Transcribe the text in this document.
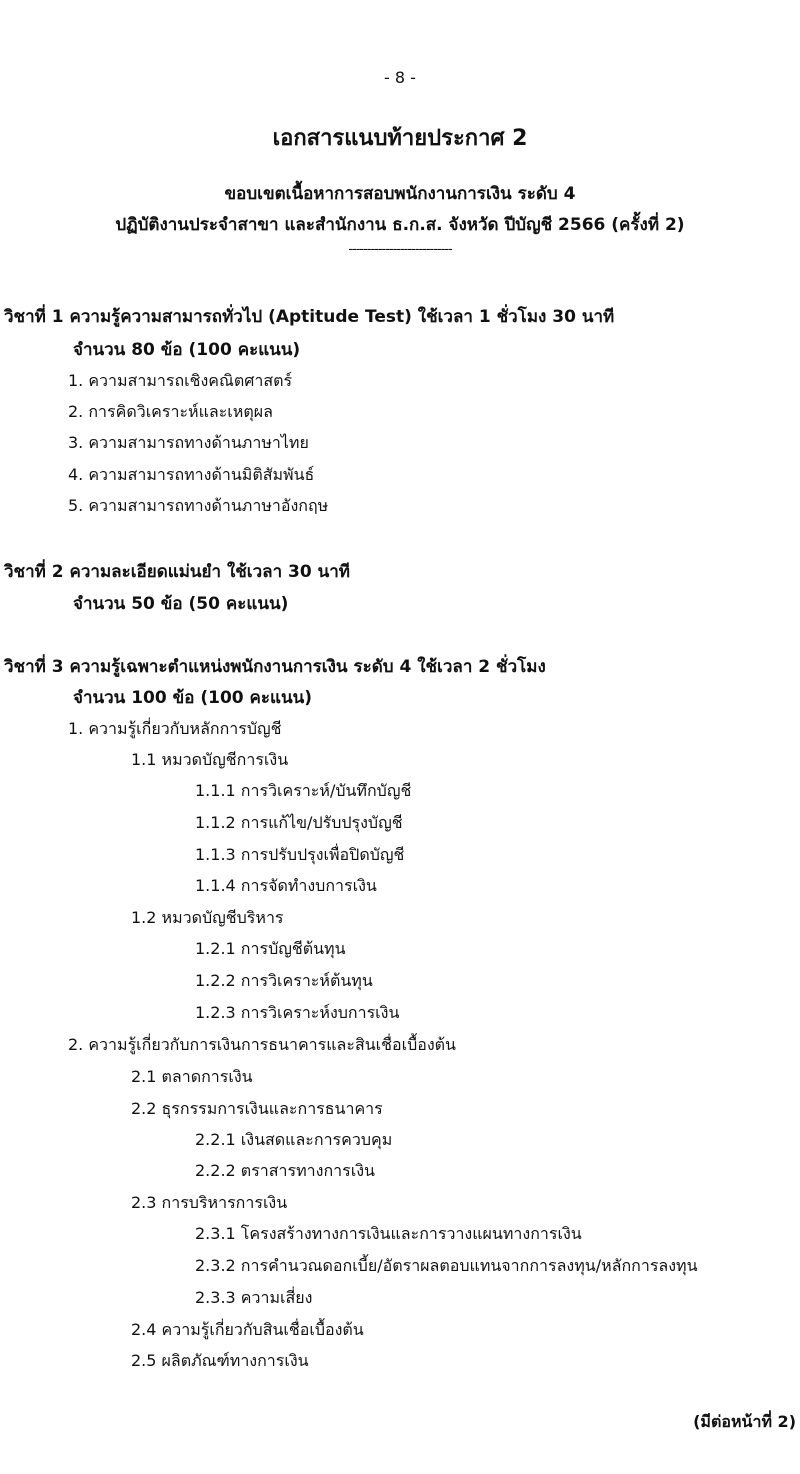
- 8 -
เอกสารแนบท้ายประกาศ 2
ขอบเขตเนื้อหาการสอบพนักงานการเงิน ระดับ 4
ปฏิบัติงานประจำสาขา และสำนักงาน ธ.ก.ส. จังหวัด ปีบัญชี 2566 (ครั้งที่ 2)
----------------------------
วิชาที่ 1 ความรู้ความสามารถทั่วไป (Aptitude Test) ใช้เวลา 1 ชั่วโมง 30 นาที
จำนวน 80 ข้อ (100 คะแนน)
1. ความสามารถเชิงคณิตศาสตร์
2. การคิดวิเคราะห์และเหตุผล
3. ความสามารถทางด้านภาษาไทย
4. ความสามารถทางด้านมิติสัมพันธ์
5. ความสามารถทางด้านภาษาอังกฤษ
วิชาที่ 2 ความละเอียดแม่นยำ ใช้เวลา 30 นาที
จำนวน 50 ข้อ (50 คะแนน)
วิชาที่ 3 ความรู้เฉพาะตำแหน่งพนักงานการเงิน ระดับ 4 ใช้เวลา 2 ชั่วโมง
จำนวน 100 ข้อ (100 คะแนน)
1. ความรู้เกี่ยวกับหลักการบัญชี
1.1 หมวดบัญชีการเงิน
1.1.1 การวิเคราะห์/บันทึกบัญชี
1.1.2 การแก้ไข/ปรับปรุงบัญชี
1.1.3 การปรับปรุงเพื่อปิดบัญชี
1.1.4 การจัดทำงบการเงิน
1.2 หมวดบัญชีบริหาร
1.2.1 การบัญชีต้นทุน
1.2.2 การวิเคราะห์ต้นทุน
1.2.3 การวิเคราะห์งบการเงิน
2. ความรู้เกี่ยวกับการเงินการธนาคารและสินเชื่อเบื้องต้น
2.1 ตลาดการเงิน
2.2 ธุรกรรมการเงินและการธนาคาร
2.2.1 เงินสดและการควบคุม
2.2.2 ตราสารทางการเงิน
2.3 การบริหารการเงิน
2.3.1 โครงสร้างทางการเงินและการวางแผนทางการเงิน
2.3.2 การคำนวณดอกเบี้ย/อัตราผลตอบแทนจากการลงทุน/หลักการลงทุน
2.3.3 ความเสี่ยง
2.4 ความรู้เกี่ยวกับสินเชื่อเบื้องต้น
2.5 ผลิตภัณฑ์ทางการเงิน
(มีต่อหน้าที่ 2)
